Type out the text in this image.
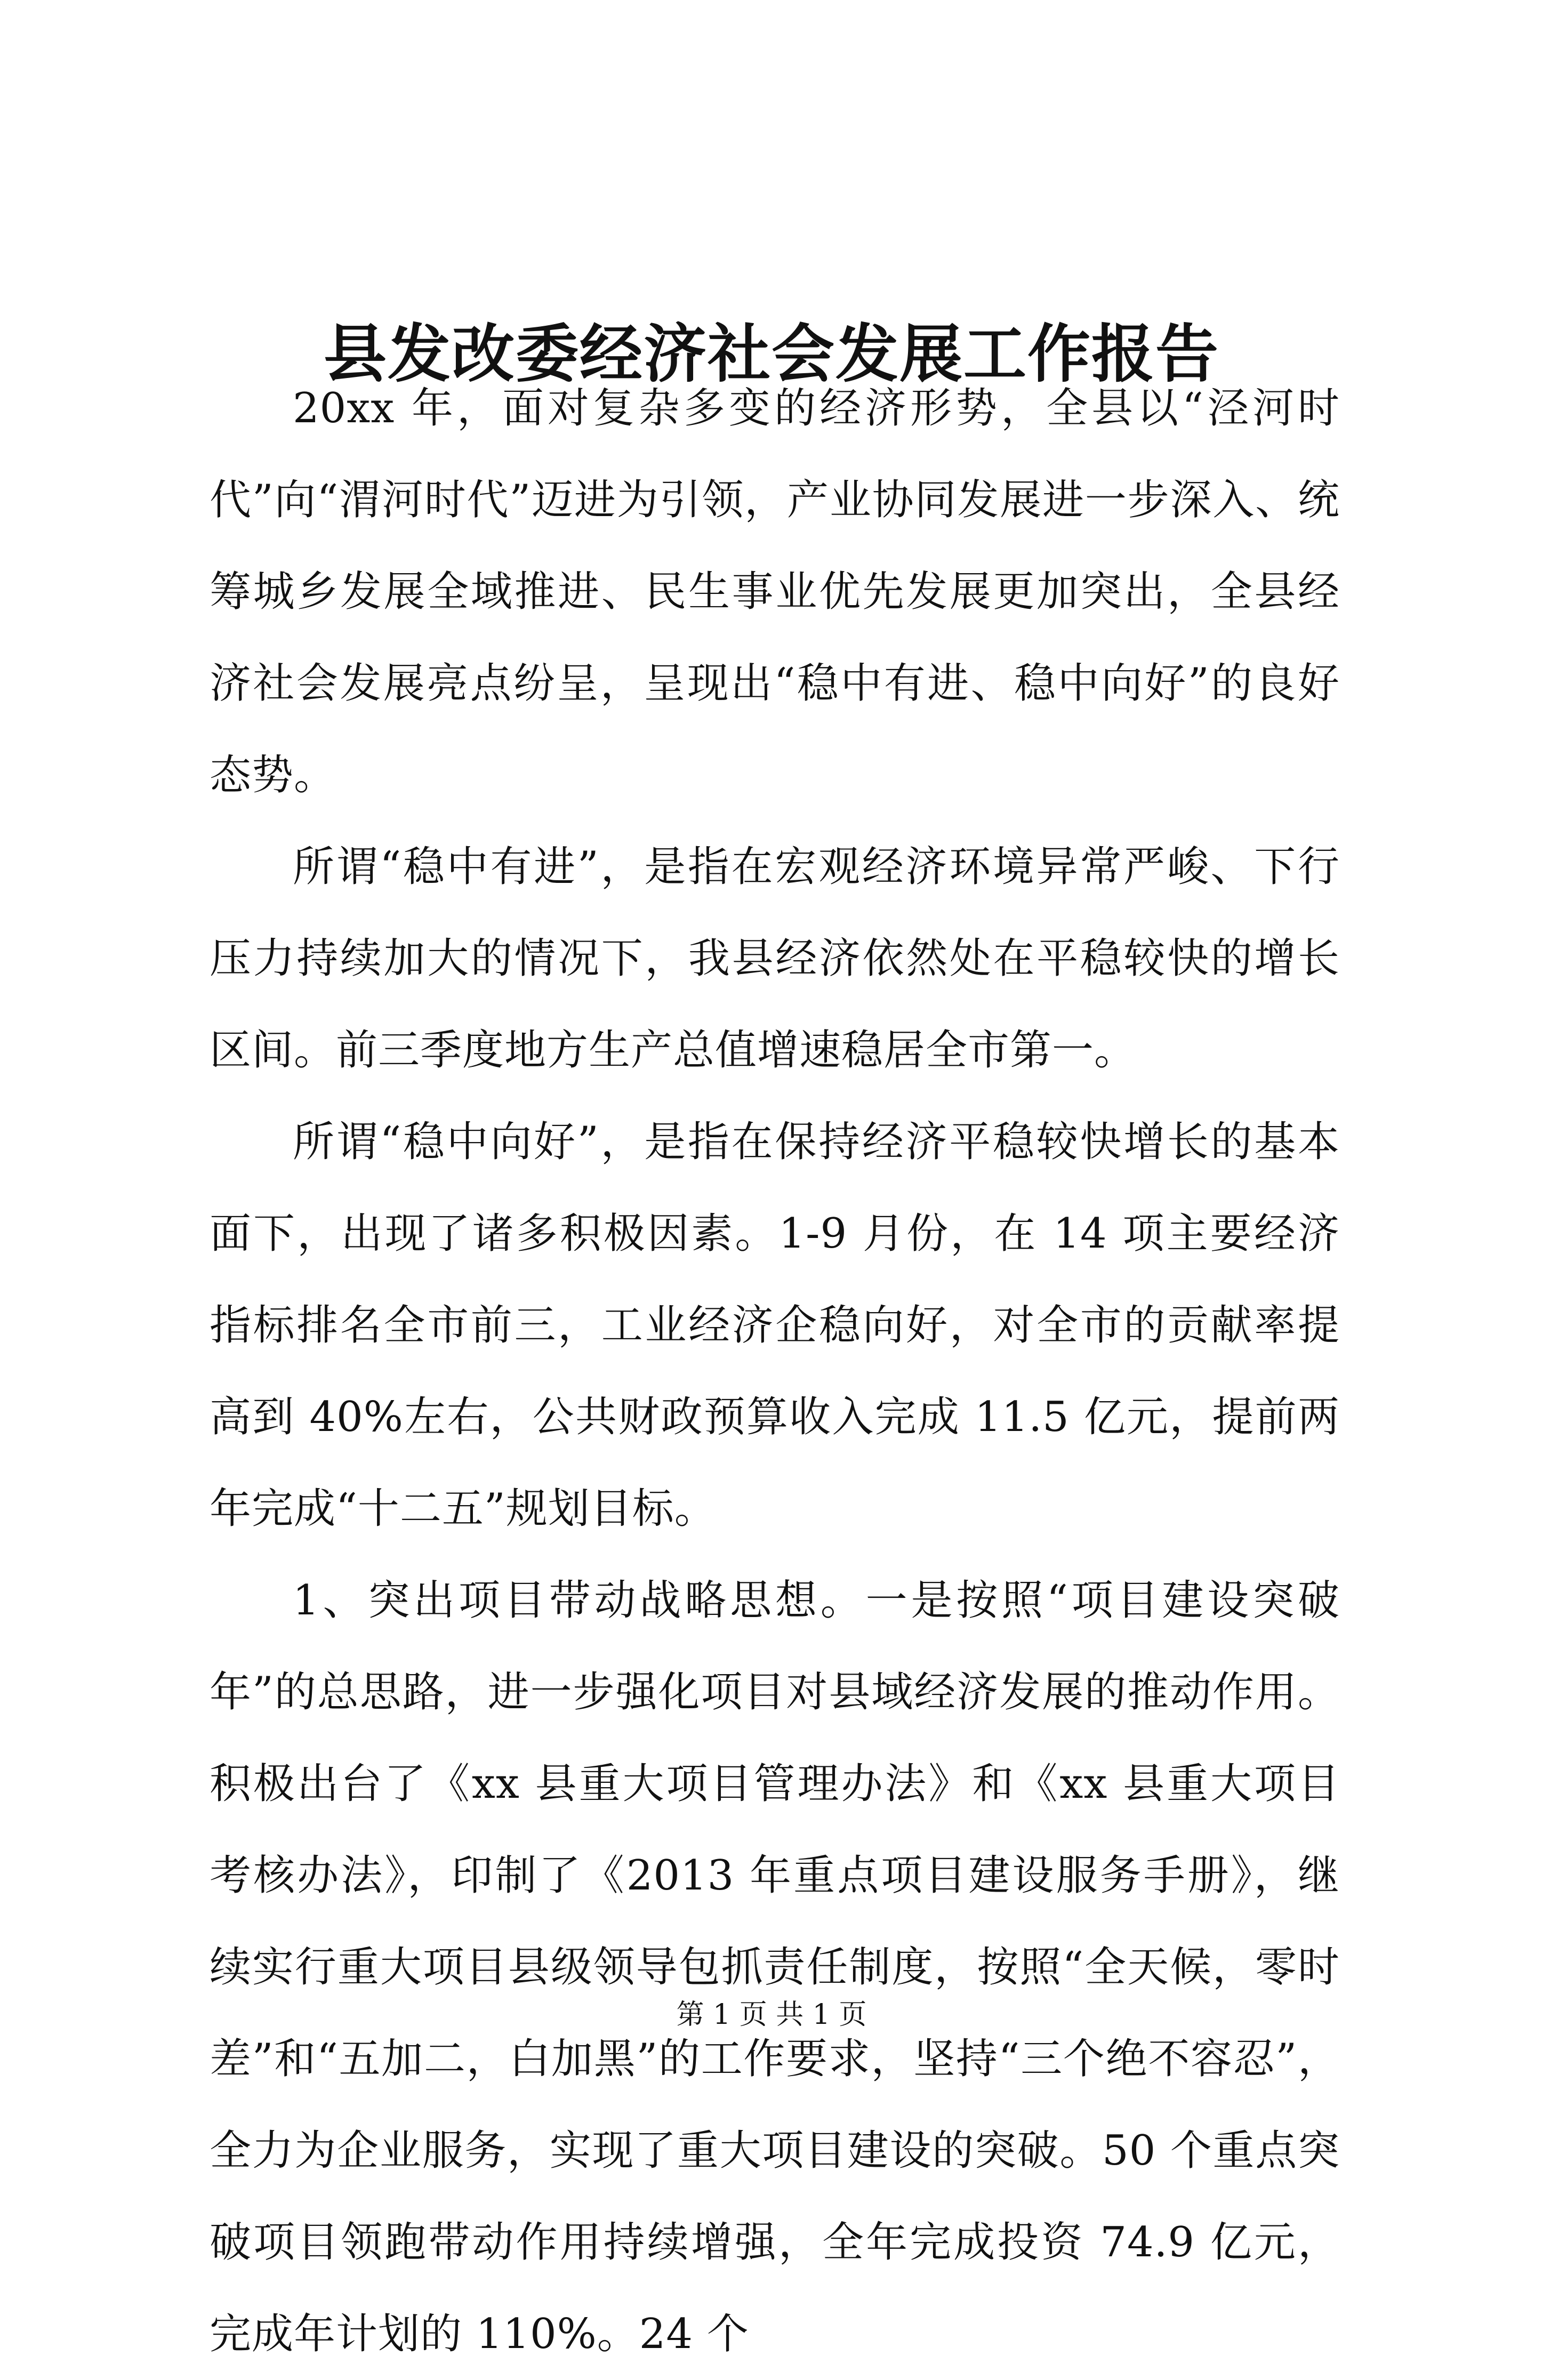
县发改委经济社会发展工作报告

20xx 年，面对复杂多变的经济形势，全县以“泾河时代”向“渭河时代”迈进为引领，产业协同发展进一步深入、统筹城乡发展全域推进、民生事业优先发展更加突出，全县经济社会发展亮点纷呈，呈现出“稳中有进、稳中向好”的良好态势。

所谓“稳中有进”，是指在宏观经济环境异常严峻、下行压力持续加大的情况下，我县经济依然处在平稳较快的增长区间。前三季度地方生产总值增速稳居全市第一。

所谓“稳中向好”，是指在保持经济平稳较快增长的基本面下，出现了诸多积极因素。1-9 月份，在 14 项主要经济指标排名全市前三，工业经济企稳向好，对全市的贡献率提高到 40%左右，公共财政预算收入完成 11.5 亿元，提前两年完成“十二五”规划目标。

1、突出项目带动战略思想。一是按照“项目建设突破年”的总思路，进一步强化项目对县域经济发展的推动作用。积极出台了《xx 县重大项目管理办法》和《xx 县重大项目考核办法》，印制了《2013 年重点项目建设服务手册》，继续实行重大项目县级领导包抓责任制度，按照“全天候，零时差”和“五加二，白加黑”的工作要求，坚持“三个绝不容忍”，全力为企业服务，实现了重大项目建设的突破。50 个重点突破项目领跑带动作用持续增强，全年完成投资 74.9 亿元，完成年计划的 110%。24 个

第 1 页 共 1 页
